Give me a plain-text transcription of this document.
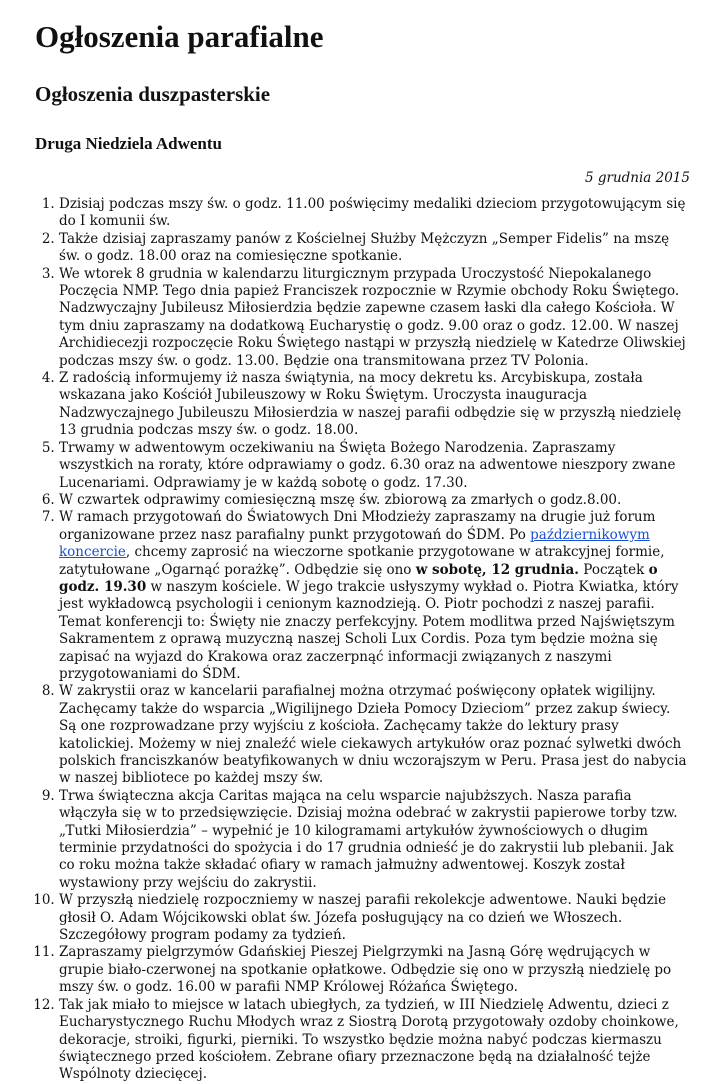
Ogłoszenia parafialne
Ogłoszenia duszpasterskie
Druga Niedziela Adwentu
5 grudnia 2015
1. Dzisiaj podczas mszy św. o godz. 11.00 poświęcimy medaliki dzieciom przygotowującym się do I komunii św.
2. Także dzisiaj zapraszamy panów z Kościelnej Służby Mężczyzn „Semper Fidelis” na mszę św. o godz. 18.00 oraz na comiesięczne spotkanie.
3. We wtorek 8 grudnia w kalendarzu liturgicznym przypada Uroczystość Niepokalanego Poczęcia NMP. Tego dnia papież Franciszek rozpocznie w Rzymie obchody Roku Świętego. Nadzwyczajny Jubileusz Miłosierdzia będzie zapewne czasem łaski dla całego Kościoła. W tym dniu zapraszamy na dodatkową Eucharystię o godz. 9.00 oraz o godz. 12.00. W naszej Archidiecezji rozpoczęcie Roku Świętego nastąpi w przyszłą niedzielę w Katedrze Oliwskiej podczas mszy św. o godz. 13.00. Będzie ona transmitowana przez TV Polonia.
4. Z radością informujemy iż nasza świątynia, na mocy dekretu ks. Arcybiskupa, została wskazana jako Kościół Jubileuszowy w Roku Świętym. Uroczysta inauguracja Nadzwyczajnego Jubileuszu Miłosierdzia w naszej parafii odbędzie się w przyszłą niedzielę 13 grudnia podczas mszy św. o godz. 18.00.
5. Trwamy w adwentowym oczekiwaniu na Święta Bożego Narodzenia. Zapraszamy wszystkich na roraty, które odprawiamy o godz. 6.30 oraz na adwentowe nieszpory zwane Lucenariami. Odprawiamy je w każdą sobotę o godz. 17.30.
6. W czwartek odprawimy comiesięczną mszę św. zbiorową za zmarłych o godz.8.00.
7. W ramach przygotowań do Światowych Dni Młodzieży zapraszamy na drugie już forum organizowane przez nasz parafialny punkt przygotowań do ŚDM. Po październikowym koncercie, chcemy zaprosić na wieczorne spotkanie przygotowane w atrakcyjnej formie, zatytułowane „Ogarnąć porażkę”. Odbędzie się ono w sobotę, 12 grudnia. Początek o godz. 19.30 w naszym kościele. W jego trakcie usłyszymy wykład o. Piotra Kwiatka, który jest wykładowcą psychologii i cenionym kaznodzieją. O. Piotr pochodzi z naszej parafii. Temat konferencji to: Święty nie znaczy perfekcyjny. Potem modlitwa przed Najświętszym Sakramentem z oprawą muzyczną naszej Scholi Lux Cordis. Poza tym będzie można się zapisać na wyjazd do Krakowa oraz zaczerpnąć informacji związanych z naszymi przygotowaniami do ŚDM.
8. W zakrystii oraz w kancelarii parafialnej można otrzymać poświęcony opłatek wigilijny. Zachęcamy także do wsparcia „Wigilijnego Dzieła Pomocy Dzieciom” przez zakup świecy. Są one rozprowadzane przy wyjściu z kościoła. Zachęcamy także do lektury prasy katolickiej. Możemy w niej znaleźć wiele ciekawych artykułów oraz poznać sylwetki dwóch polskich franciszkanów beatyfikowanych w dniu wczorajszym w Peru. Prasa jest do nabycia w naszej bibliotece po każdej mszy św.
9. Trwa świąteczna akcja Caritas mająca na celu wsparcie najubższych. Nasza parafia włączyła się w to przedsięwzięcie. Dzisiaj można odebrać w zakrystii papierowe torby tzw. „Tutki Miłosierdzia” – wypełnić je 10 kilogramami artykułów żywnościowych o długim terminie przydatności do spożycia i do 17 grudnia odnieść je do zakrystii lub plebanii. Jak co roku można także składać ofiary w ramach jałmużny adwentowej. Koszyk został wystawiony przy wejściu do zakrystii.
10. W przyszłą niedzielę rozpoczniemy w naszej parafii rekolekcje adwentowe. Nauki będzie głosił O. Adam Wójcikowski oblat św. Józefa posługujący na co dzień we Włoszech. Szczegółowy program podamy za tydzień.
11. Zapraszamy pielgrzymów Gdańskiej Pieszej Pielgrzymki na Jasną Górę wędrujących w grupie biało-czerwonej na spotkanie opłatkowe. Odbędzie się ono w przyszłą niedzielę po mszy św. o godz. 16.00 w parafii NMP Królowej Różańca Świętego.
12. Tak jak miało to miejsce w latach ubiegłych, za tydzień, w III Niedzielę Adwentu, dzieci z Eucharystycznego Ruchu Młodych wraz z Siostrą Dorotą przygotowały ozdoby choinkowe, dekoracje, stroiki, figurki, pierniki. To wszystko będzie można nabyć podczas kiermaszu świątecznego przed kościołem. Zebrane ofiary przeznaczone będą na działalność tejże Wspólnoty dziecięcej.
